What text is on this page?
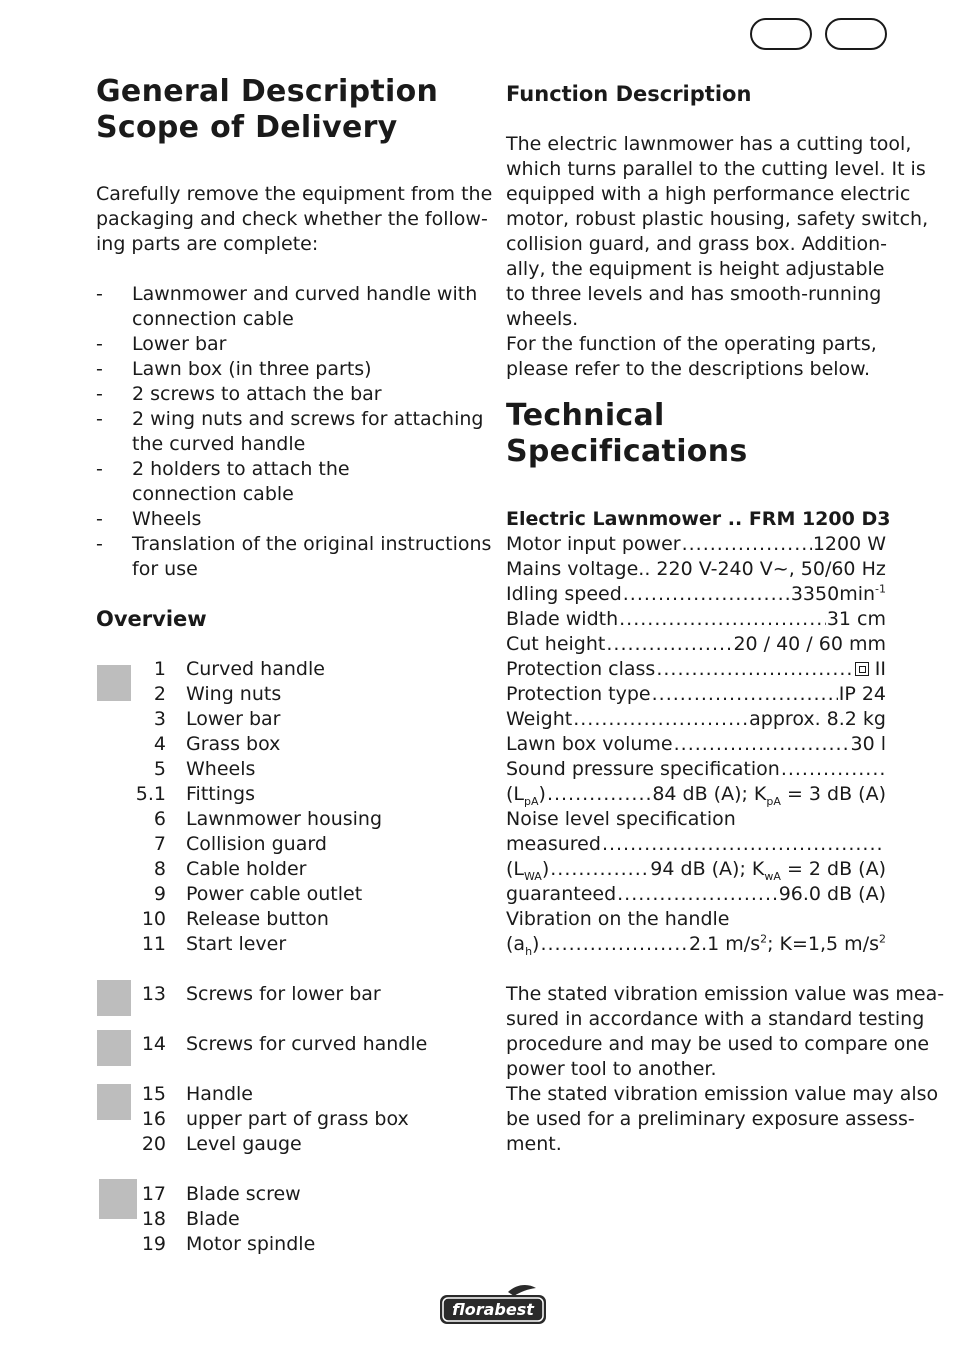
General Description
Scope of Delivery
Carefully remove the equipment from the
packaging and check whether the follow-
ing parts are complete:
-	Lawnmower and curved handle with
connection cable
-	Lower bar
-	Lawn box (in three parts)
-	2 screws to attach the bar
-	2 wing nuts and screws for attaching
the curved handle
-	2 holders to attach the
connection cable
-	Wheels
-	Translation of the original instructions
for use
Overview
1 Curved handle
2 Wing nuts
3 Lower bar
4 Grass box
5 Wheels
5.1 Fittings
6 Lawnmower housing
7 Collision guard
8 Cable holder
9 Power cable outlet
10 Release button
11 Start lever
13 Screws for lower bar
14 Screws for curved handle
15 Handle
16 upper part of grass box
20 Level gauge
17 Blade screw
18 Blade
19 Motor spindle
Function Description
The electric lawnmower has a cutting tool,
which turns parallel to the cutting level. It is
equipped with a high performance electric
motor, robust plastic housing, safety switch,
collision guard, and grass box. Addition-
ally, the equipment is height adjustable
to three levels and has smooth-running
wheels.
For the function of the operating parts,
please refer to the descriptions below.
Technical
Specifications
Electric Lawnmower .. FRM 1200 D3
Motor input power .....	1200 W
Mains voltage..
220 V-240 V~, 50/60 Hz
Idling speed .....	$3350\min^{-1}$
Blade width .....	31 cm
Cut height .....	20 / 40 / 60 mm
Protection class .....	II
Protection type .....	IP 24
Weight .....	approx. 8.2 kg
Lawn box volume .....	30 l
Sound pressure specification
.....
$(L_{pA})$ .....	84 dB (A); $K_{pA} = 3$ dB (A)
Noise level specification
measured
.....
$(L_{WA})$ .....	94 dB (A); $K_{wA} = 2$ dB (A)
guaranteed .....	96.0 dB (A)
Vibration on the handle
$(a_h)$ .....	2.1 $m/s^2$; K=1,5 $m/s^2$
The stated vibration emission value was mea-
sured in accordance with a standard testing
procedure and may be used to compare one
power tool to another.
The stated vibration emission value may also
be used for a preliminary exposure assess-
ment.
florabest
